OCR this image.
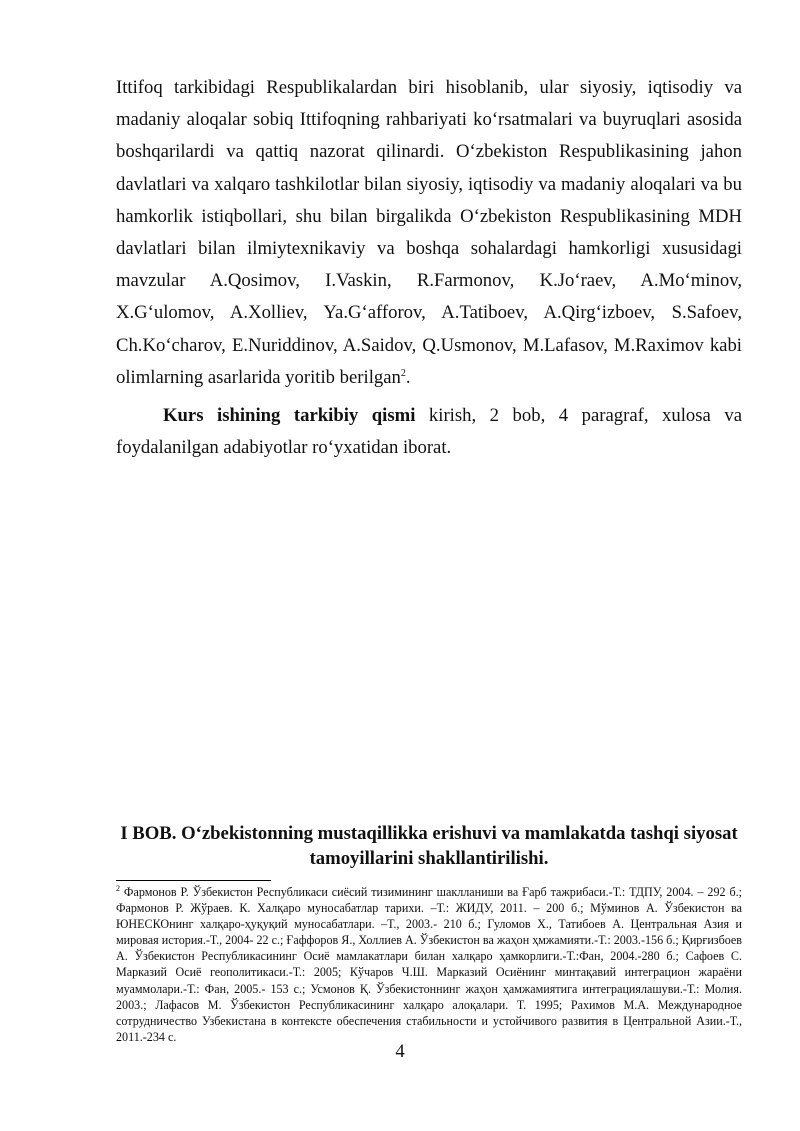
Ittifoq tarkibidagi Respublikalardan biri hisoblanib, ular siyosiy, iqtisodiy va madaniy aloqalar sobiq Ittifoqning rahbariyati ko‘rsatmalari va buyruqlari asosida boshqarilardi va qattiq nazorat qilinardi. O‘zbekiston Respublikasining jahon davlatlari va xalqaro tashkilotlar bilan siyosiy, iqtisodiy va madaniy aloqalari va bu hamkorlik istiqbollari, shu bilan birgalikda O‘zbekiston Respublikasining MDH davlatlari bilan ilmiytexnikaviy va boshqa sohalardagi hamkorligi xususidagi mavzular A.Qosimov, I.Vaskin, R.Farmonov, K.Jo‘raev, A.Mo‘minov, X.G‘ulomov, A.Xolliev, Ya.G‘afforov, A.Tatiboev, A.Qirg‘izboev, S.Safoev, Ch.Ko‘charov, E.Nuriddinov, A.Saidov, Q.Usmonov, M.Lafasov, M.Raximov kabi olimlarning asarlarida yoritib berilgan$^2$.

Kurs ishining tarkibiy qismi kirish, 2 bob, 4 paragraf, xulosa va foydalanilgan adabiyotlar ro‘yxatidan iborat.

I BOB. O‘zbekistonning mustaqillikka erishuvi va mamlakatda tashqi siyosat tamoyillarini shakllantirilishi.

$^2$ Фармонов Р. Ўзбекистон Республикаси сиёсий тизимининг шаклланиши ва Ғарб тажрибаси.-Т.: ТДПУ, 2004. – 292 б.; Фармонов Р. Жўраев. К. Халқаро муносабатлар тарихи. –Т.: ЖИДУ, 2011. – 200 б.; Мўминов А. Ўзбекистон ва ЮНЕСКОнинг халқаро-ҳуқуқий муносабатлари. –Т., 2003.- 210 б.; Гуломов Х., Татибоев А. Центральная Азия и мировая история.-Т., 2004- 22 с.; Ғаффоров Я., Холлиев А. Ўзбекистон ва жаҳон ҳмжамияти.-Т.: 2003.-156 б.; Қирғизбоев А. Ўзбекистон Республикасининг Осиё мамлакатлари билан халқаро ҳамкорлиги.-Т.:Фан, 2004.-280 б.; Сафоев С. Марказий Осиё геополитикаси.-Т.: 2005; Кўчаров Ч.Ш. Марказий Осиёнинг минтақавий интеграцион жараёни муаммолари.-Т.: Фан, 2005.- 153 с.; Усмонов Қ. Ўзбекистоннинг жаҳон ҳамжамиятига интеграциялашуви.-Т.: Молия. 2003.; Лафасов М. Ўзбекистон Республикасининг халқаро алоқалари. Т. 1995; Рахимов М.А. Международное сотрудничество Узбекистана в контексте обеспечения стабильности и устойчивого развития в Центральной Азии.-Т., 2011.-234 с.

4
